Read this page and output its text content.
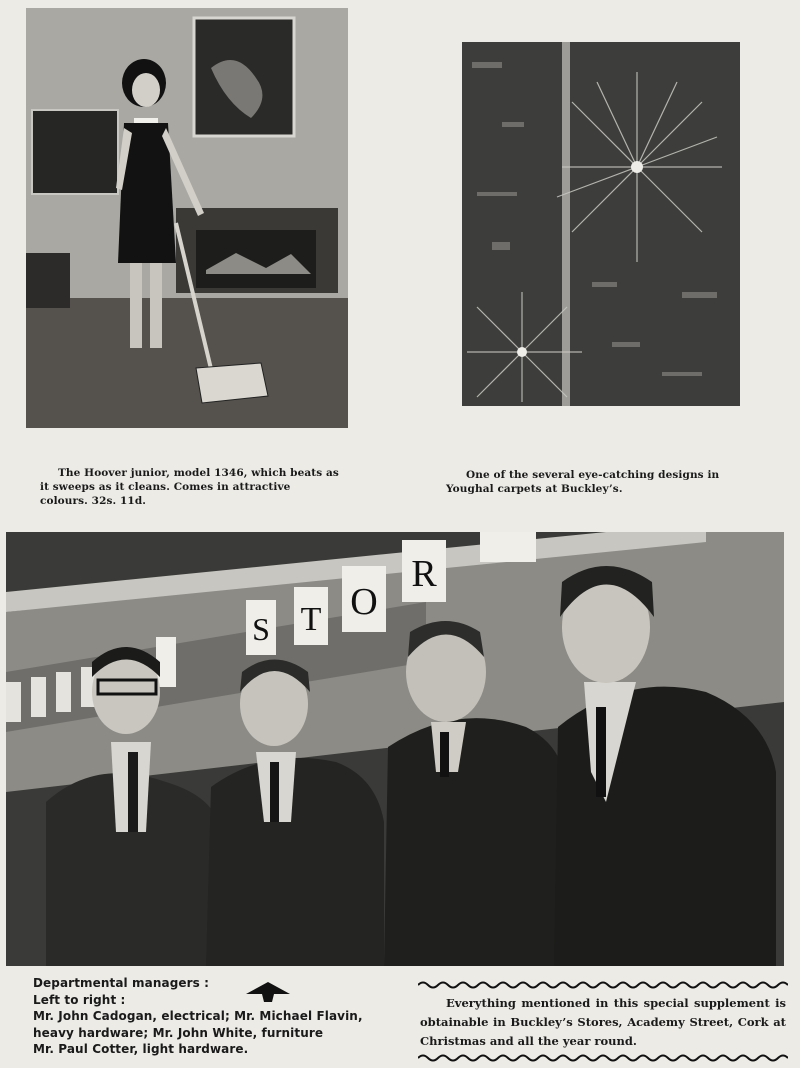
The Hoover junior, model 1346, which beats as it sweeps as it cleans. Comes in attractive colours. 32s. 11d.

One of the several eye-catching designs in Youghal carpets at Buckley’s.

S T O
R
Departmental managers :
Left to right :
Mr. John Cadogan, electrical; Mr. Michael Flavin,
heavy hardware; Mr. John White, furniture
Mr. Paul Cotter, light hardware.

Everything mentioned in this special supplement is obtainable in Buckley’s Stores, Academy Street, Cork at Christmas and all the year round.
